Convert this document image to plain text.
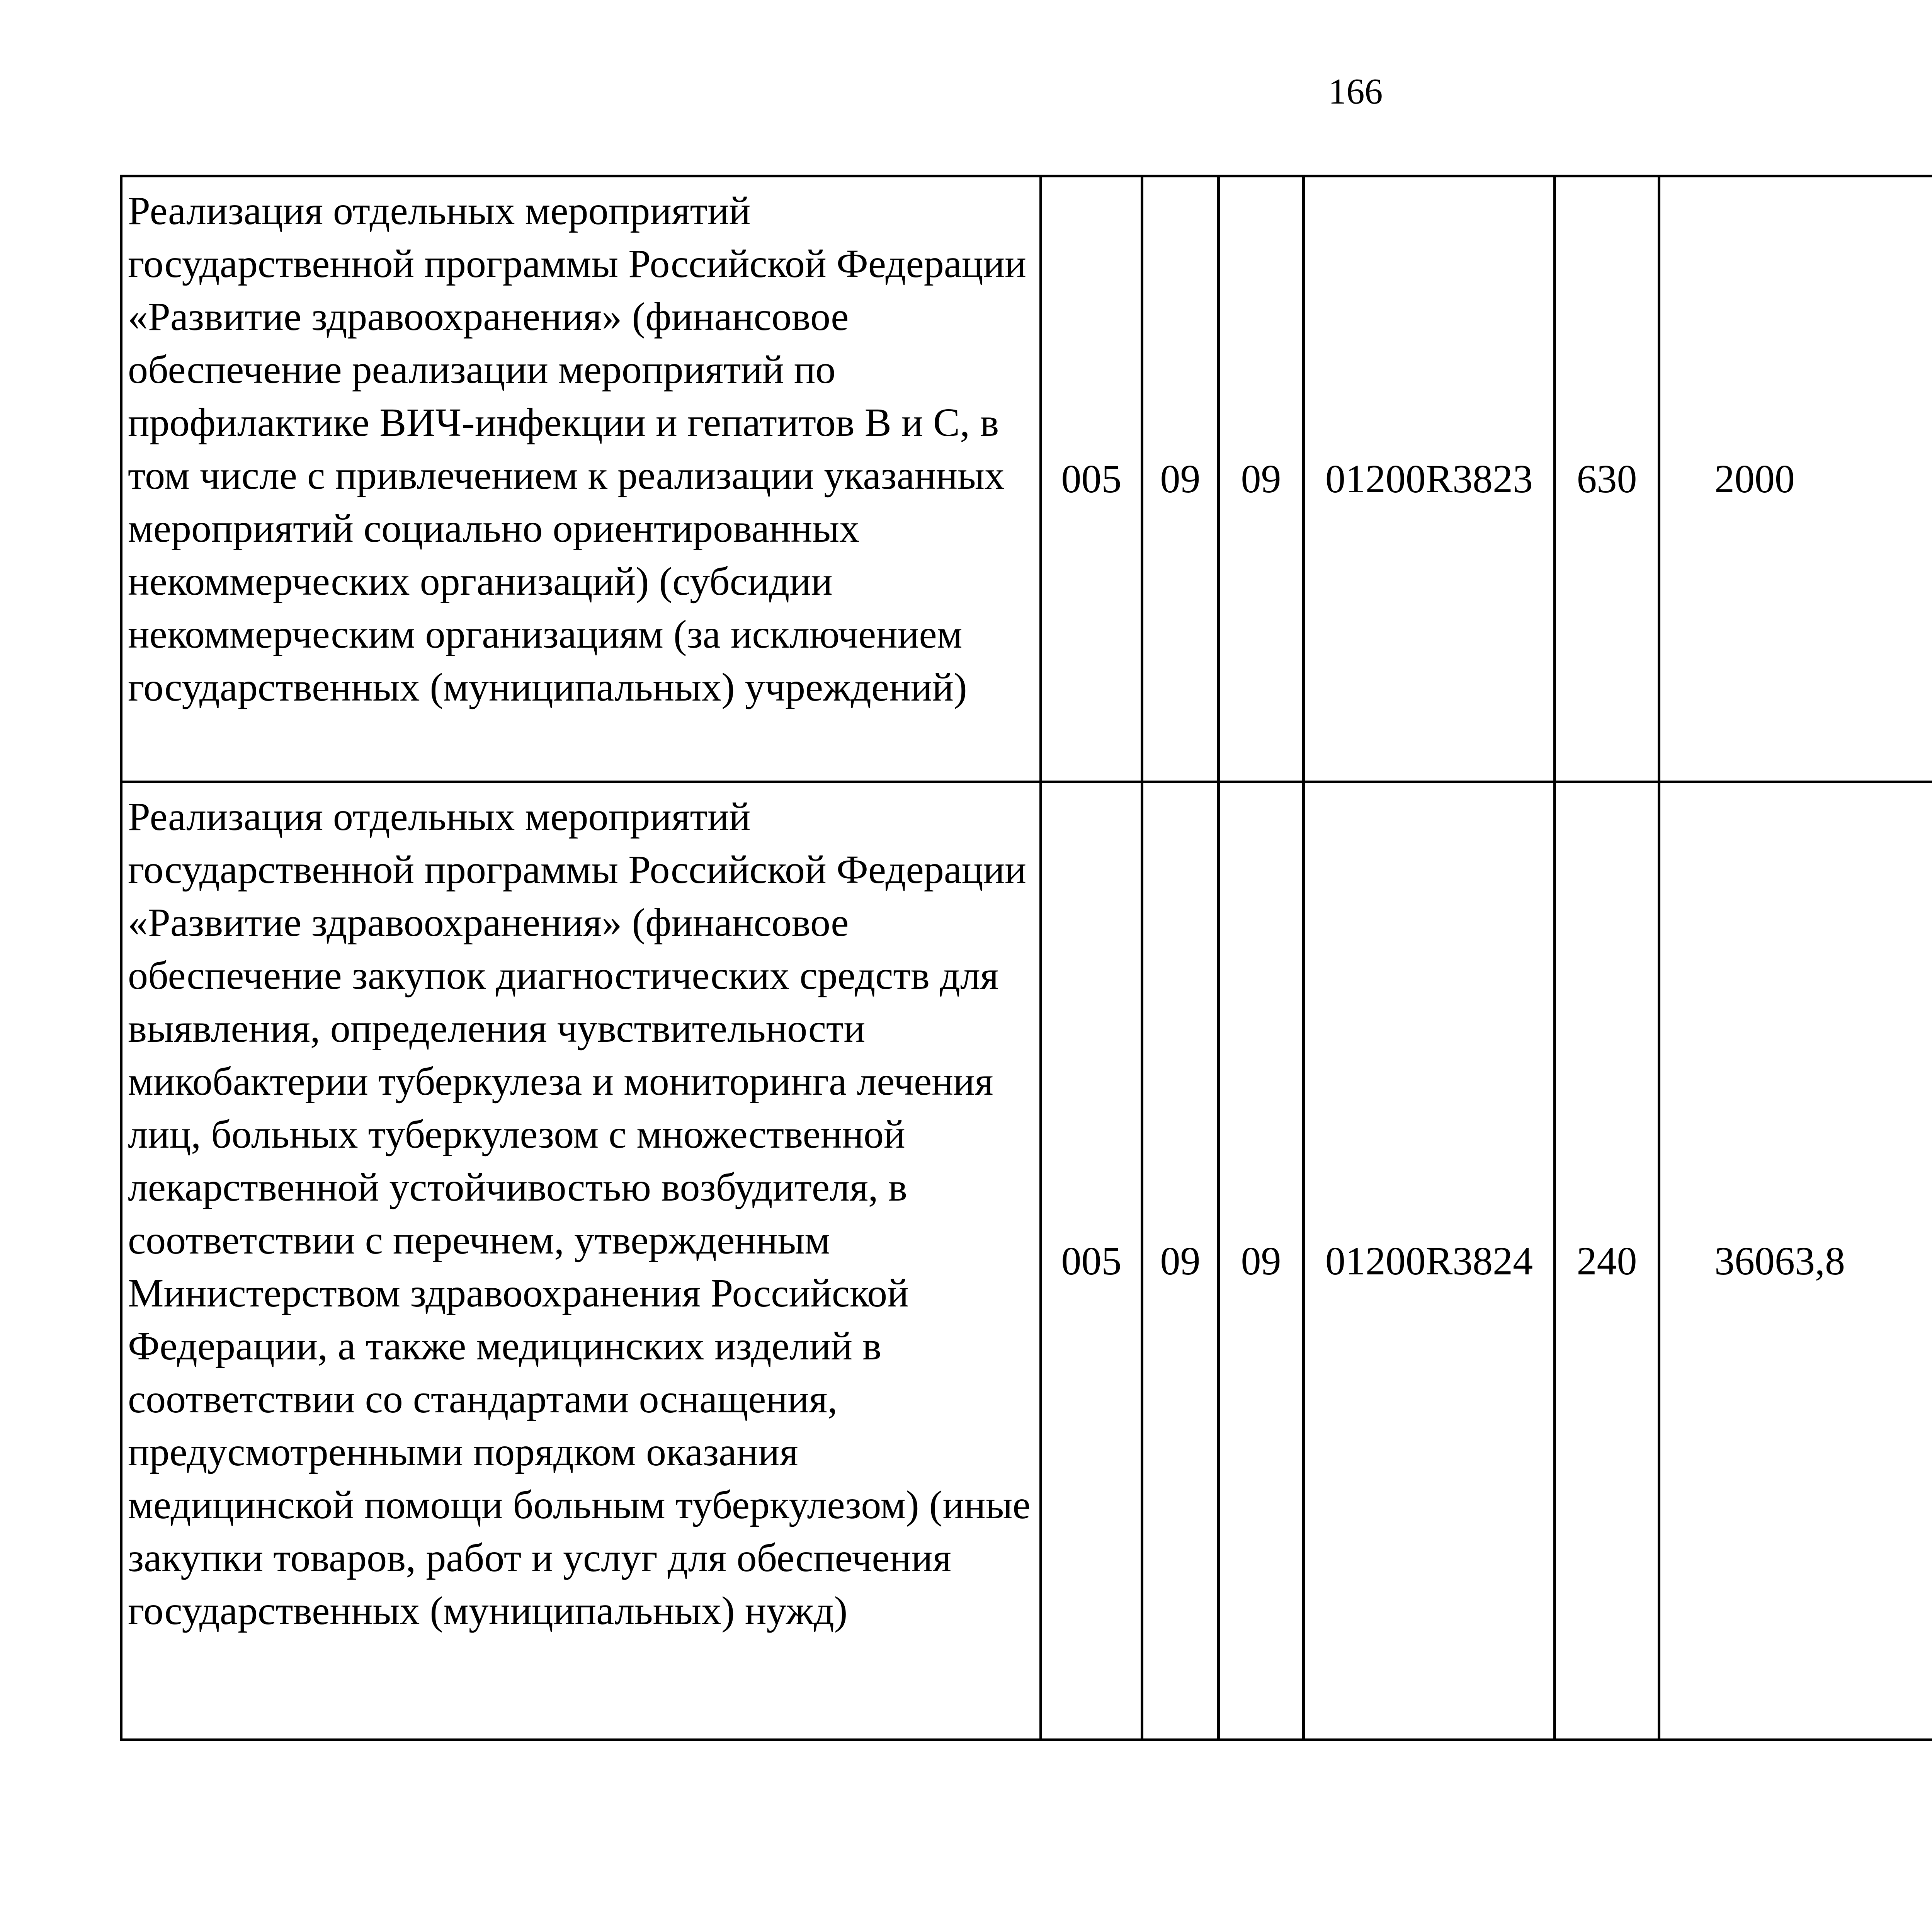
166
Реализация отдельных мероприятий государственной программы Российской Федерации «Развитие здравоохранения» (финансовое обеспечение реализации мероприятий по профилактике ВИЧ-инфекции и гепатитов B и C, в том числе с привлечением к реализации указанных мероприятий социально ориентированных некоммерческих организаций) (субсидии некоммерческим организациям (за исключением государственных (муниципальных) учреждений)	005	09	09	01200R3823	630	2000		
Реализация отдельных мероприятий государственной программы Российской Федерации «Развитие здравоохранения» (финансовое обеспечение закупок диагностических средств для выявления, определения чувствительности микобактерии туберкулеза и мониторинга лечения лиц, больных туберкулезом с множественной лекарственной устойчивостью возбудителя, в соответствии с перечнем, утвержденным Министерством здравоохранения Российской Федерации, а также медицинских изделий в соответствии со стандартами оснащения, предусмотренными порядком оказания медицинской помощи больным туберкулезом) (иные закупки товаров, работ и услуг для обеспечения государственных (муниципальных) нужд)	005	09	09	01200R3824	240	36063,8		
